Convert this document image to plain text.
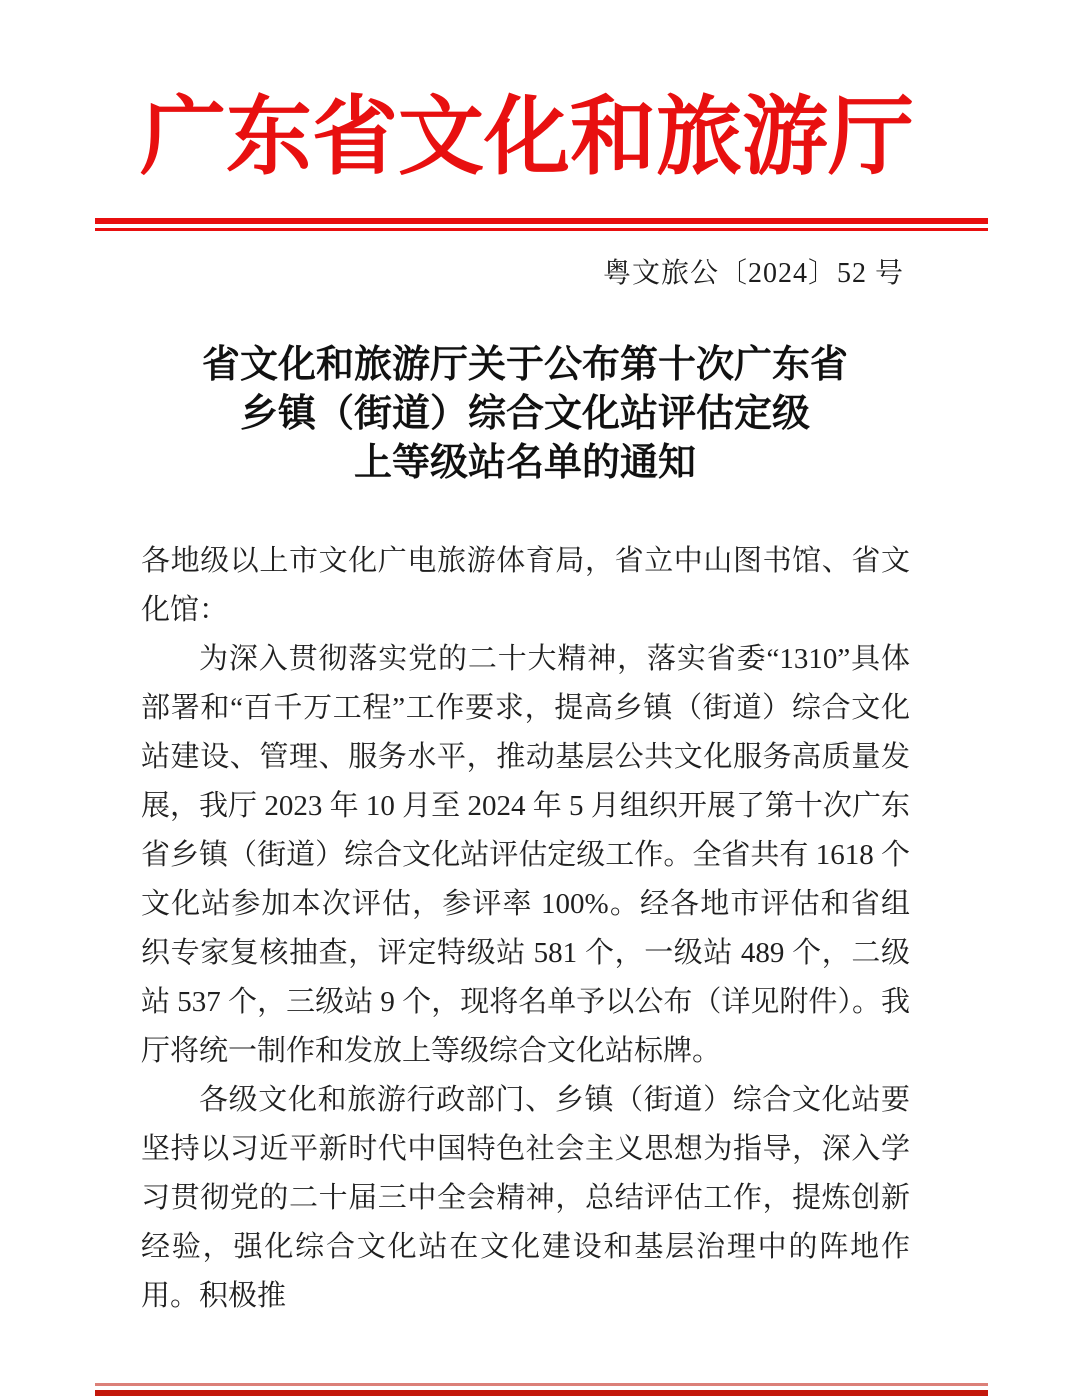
广东省文化和旅游厅
粤文旅公〔2024〕52 号
省文化和旅游厅关于公布第十次广东省
乡镇（街道）综合文化站评估定级
上等级站名单的通知

各地级以上市文化广电旅游体育局，省立中山图书馆、省文化馆：

为深入贯彻落实党的二十大精神，落实省委“1310”具体部署和“百千万工程”工作要求，提高乡镇（街道）综合文化站建设、管理、服务水平，推动基层公共文化服务高质量发展，我厅 2023 年 10 月至 2024 年 5 月组织开展了第十次广东省乡镇（街道）综合文化站评估定级工作。全省共有 1618 个文化站参加本次评估，参评率 100%。经各地市评估和省组织专家复核抽查，评定特级站 581 个，一级站 489 个，二级站 537 个，三级站 9 个，现将名单予以公布（详见附件）。我厅将统一制作和发放上等级综合文化站标牌。

各级文化和旅游行政部门、乡镇（街道）综合文化站要坚持以习近平新时代中国特色社会主义思想为指导，深入学习贯彻党的二十届三中全会精神，总结评估工作，提炼创新经验，强化综合文化站在文化建设和基层治理中的阵地作用。积极推
